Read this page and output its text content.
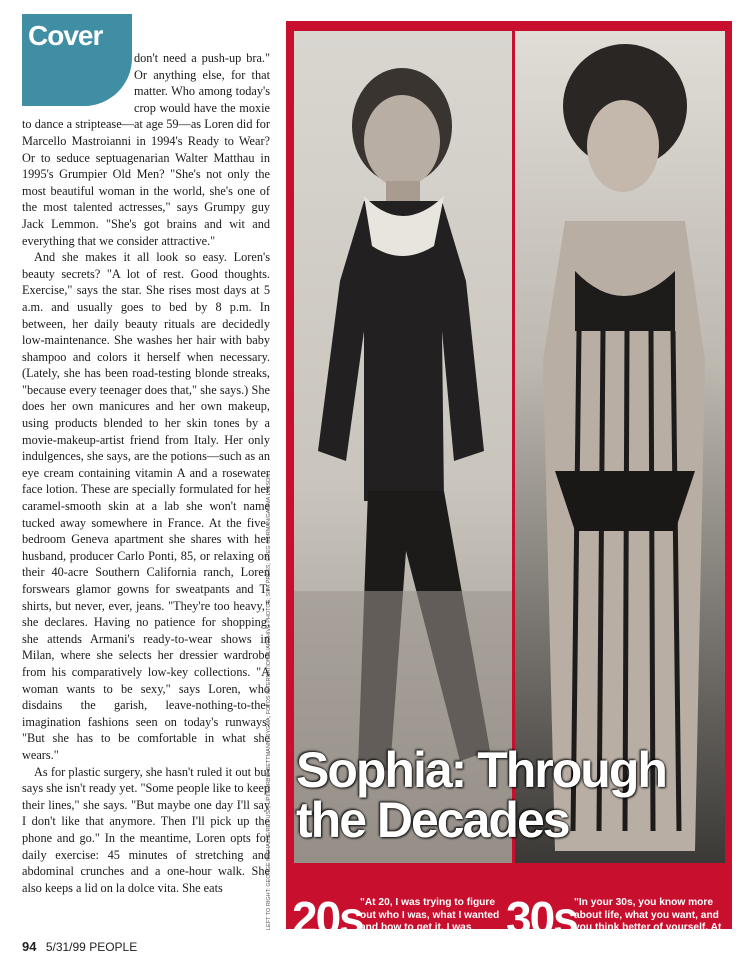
Cover

don't need a push-up bra." Or anything else, for that matter. Who among today's crop would have the moxie to dance a striptease—at age 59—as Loren did for Marcello Mastroianni in 1994's Ready to Wear? Or to seduce septuagenarian Walter Matthau in 1995's Grumpier Old Men? "She's not only the most beautiful woman in the world, she's one of the most talented actresses," says Grumpy guy Jack Lemmon. "She's got brains and wit and everything that we consider attractive."

And she makes it all look so easy. Loren's beauty secrets? "A lot of rest. Good thoughts. Exercise," says the star. She rises most days at 5 a.m. and usually goes to bed by 8 p.m. In between, her daily beauty rituals are decidedly low-maintenance. She washes her hair with baby shampoo and colors it herself when necessary. (Lately, she has been road-testing blonde streaks, "because every teenager does that," she says.) She does her own manicures and her own makeup, using products blended to her skin tones by a movie-makeup-artist friend from Italy. Her only indulgences, she says, are the potions—such as an eye cream containing vitamin A and a rosewater face lotion. These are specially formulated for her caramel-smooth skin at a lab she won't name tucked away somewhere in France. At the five-bedroom Geneva apartment she shares with her husband, producer Carlo Ponti, 85, or relaxing on their 40-acre Southern California ranch, Loren forswears glamor gowns for sweatpants and T-shirts, but never, ever, jeans. "They're too heavy," she declares. Having no patience for shopping, she attends Armani's ready-to-wear shows in Milan, where she selects her dressier wardrobe from his comparatively low-key collections. "A woman wants to be sexy," says Loren, who disdains the garish, leave-nothing-to-the-imagination fashions seen on today's runways. "But she has to be comfortable in what she wears."

As for plastic surgery, she hasn't ruled it out but says she isn't ready yet. "Some people like to keep their lines," she says. "But maybe one day I'll say I don't like that anymore. Then I'll pick up the phone and go." In the meantime, Loren opts for daily exercise: 45 minutes of stretching and abdominal crunches and a one-hour walk. She also keeps a lid on la dolce vita. She eats	LEFT TO RIGHT: GEORGE MICHALKE/REX USA; UPI/CORBIS-BETTMANN; SYGMA; FOTOS INTERNATIONAL/ARCHIVE PHOTOS; SIPA PRESS; GREG GORMAN/GAMMA LIAISON 20s
"At 20, I was trying to figure out who I was, what I wanted and how to get it. I was learning about myself." 30s
"In your 30s, you know more about life, what you want, and you think better of yourself. At 30, I wanted to be a mother."
Sophia: Through
the Decades
94 5/31/99 PEOPLE
